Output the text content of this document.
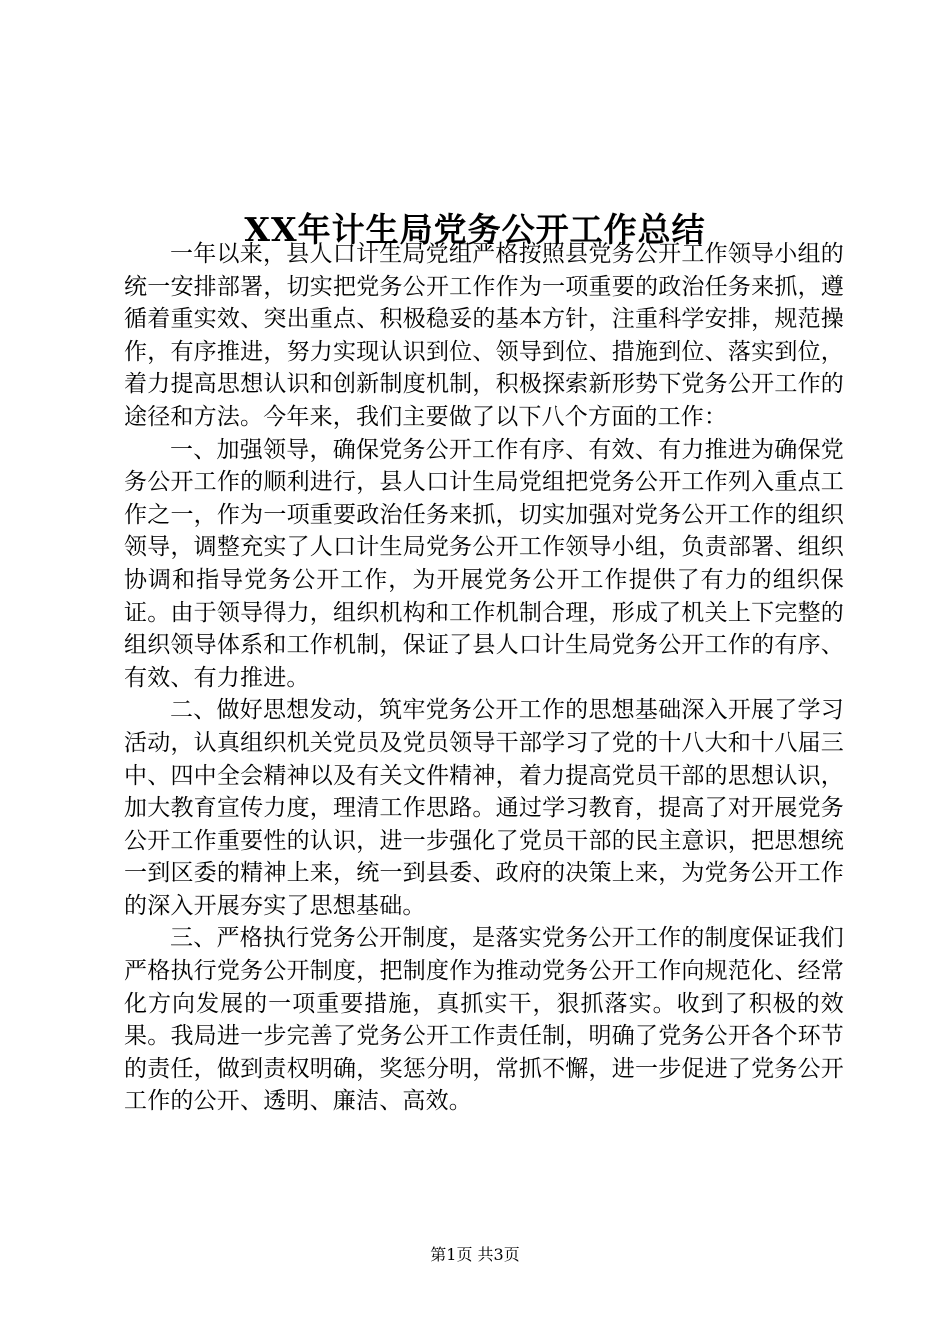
XX年计生局党务公开工作总结

一年以来，县人口计生局党组严格按照县党务公开工作领导小组的统一安排部署，切实把党务公开工作作为一项重要的政治任务来抓，遵循着重实效、突出重点、积极稳妥的基本方针，注重科学安排，规范操作，有序推进，努力实现认识到位、领导到位、措施到位、落实到位，着力提高思想认识和创新制度机制，积极探索新形势下党务公开工作的途径和方法。今年来，我们主要做了以下八个方面的工作：

一、加强领导，确保党务公开工作有序、有效、有力推进为确保党务公开工作的顺利进行，县人口计生局党组把党务公开工作列入重点工作之一，作为一项重要政治任务来抓，切实加强对党务公开工作的组织领导，调整充实了人口计生局党务公开工作领导小组，负责部署、组织协调和指导党务公开工作，为开展党务公开工作提供了有力的组织保证。由于领导得力，组织机构和工作机制合理，形成了机关上下完整的组织领导体系和工作机制，保证了县人口计生局党务公开工作的有序、有效、有力推进。

二、做好思想发动，筑牢党务公开工作的思想基础深入开展了学习活动，认真组织机关党员及党员领导干部学习了党的十八大和十八届三中、四中全会精神以及有关文件精神，着力提高党员干部的思想认识，加大教育宣传力度，理清工作思路。通过学习教育，提高了对开展党务公开工作重要性的认识，进一步强化了党员干部的民主意识，把思想统一到区委的精神上来，统一到县委、政府的决策上来，为党务公开工作的深入开展夯实了思想基础。

三、严格执行党务公开制度，是落实党务公开工作的制度保证我们严格执行党务公开制度，把制度作为推动党务公开工作向规范化、经常化方向发展的一项重要措施，真抓实干，狠抓落实。收到了积极的效果。我局进一步完善了党务公开工作责任制，明确了党务公开各个环节的责任，做到责权明确，奖惩分明，常抓不懈，进一步促进了党务公开工作的公开、透明、廉洁、高效。

第1页 共3页
